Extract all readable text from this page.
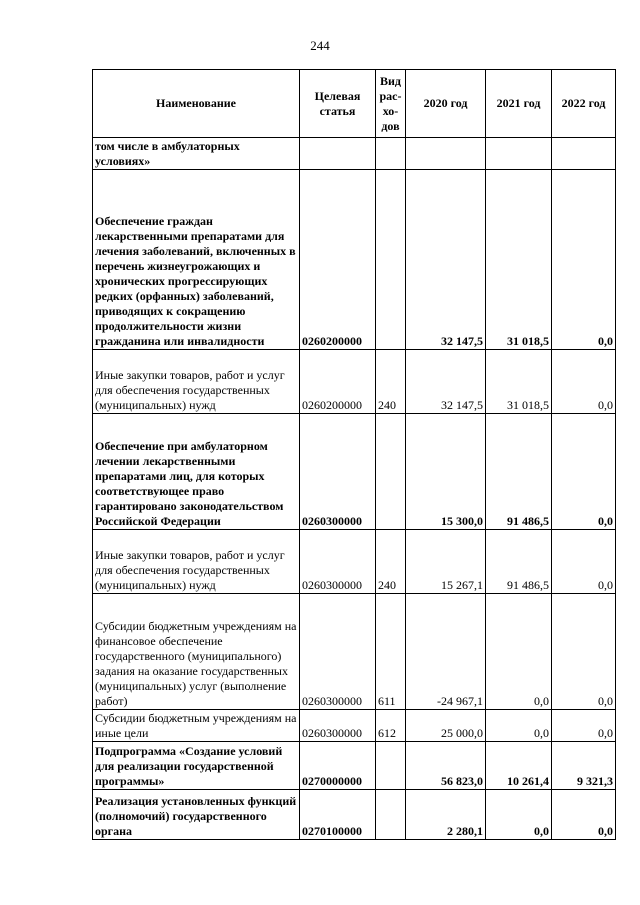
244
Наименование	Целевая статья	Вид рас-хо-дов	2020 год	2021 год	2022 год
том числе в амбулаторных условиях»					
Обеспечение граждан лекарственными препаратами для лечения заболеваний, включенных в перечень жизнеугрожающих и хронических прогрессирующих редких (орфанных) заболеваний, приводящих к сокращению продолжительности жизни гражданина или инвалидности	0260200000		32 147,5	31 018,5	0,0
Иные закупки товаров, работ и услуг для обеспечения государственных (муниципальных) нужд	0260200000	240	32 147,5	31 018,5	0,0
Обеспечение при амбулаторном лечении лекарственными препаратами лиц, для которых соответствующее право гарантировано законодательством Российской Федерации	0260300000		15 300,0	91 486,5	0,0
Иные закупки товаров, работ и услуг для обеспечения государственных (муниципальных) нужд	0260300000	240	15 267,1	91 486,5	0,0
Субсидии бюджетным учреждениям на финансовое обеспечение государственного (муниципального) задания на оказание государственных (муниципальных) услуг (выполнение работ)	0260300000	611	-24 967,1	0,0	0,0
Субсидии бюджетным учреждениям на иные цели	0260300000	612	25 000,0	0,0	0,0
Подпрограмма «Создание условий для реализации государственной программы»	0270000000		56 823,0	10 261,4	9 321,3
Реализация установленных функций (полномочий) государственного органа	0270100000		2 280,1	0,0	0,0
